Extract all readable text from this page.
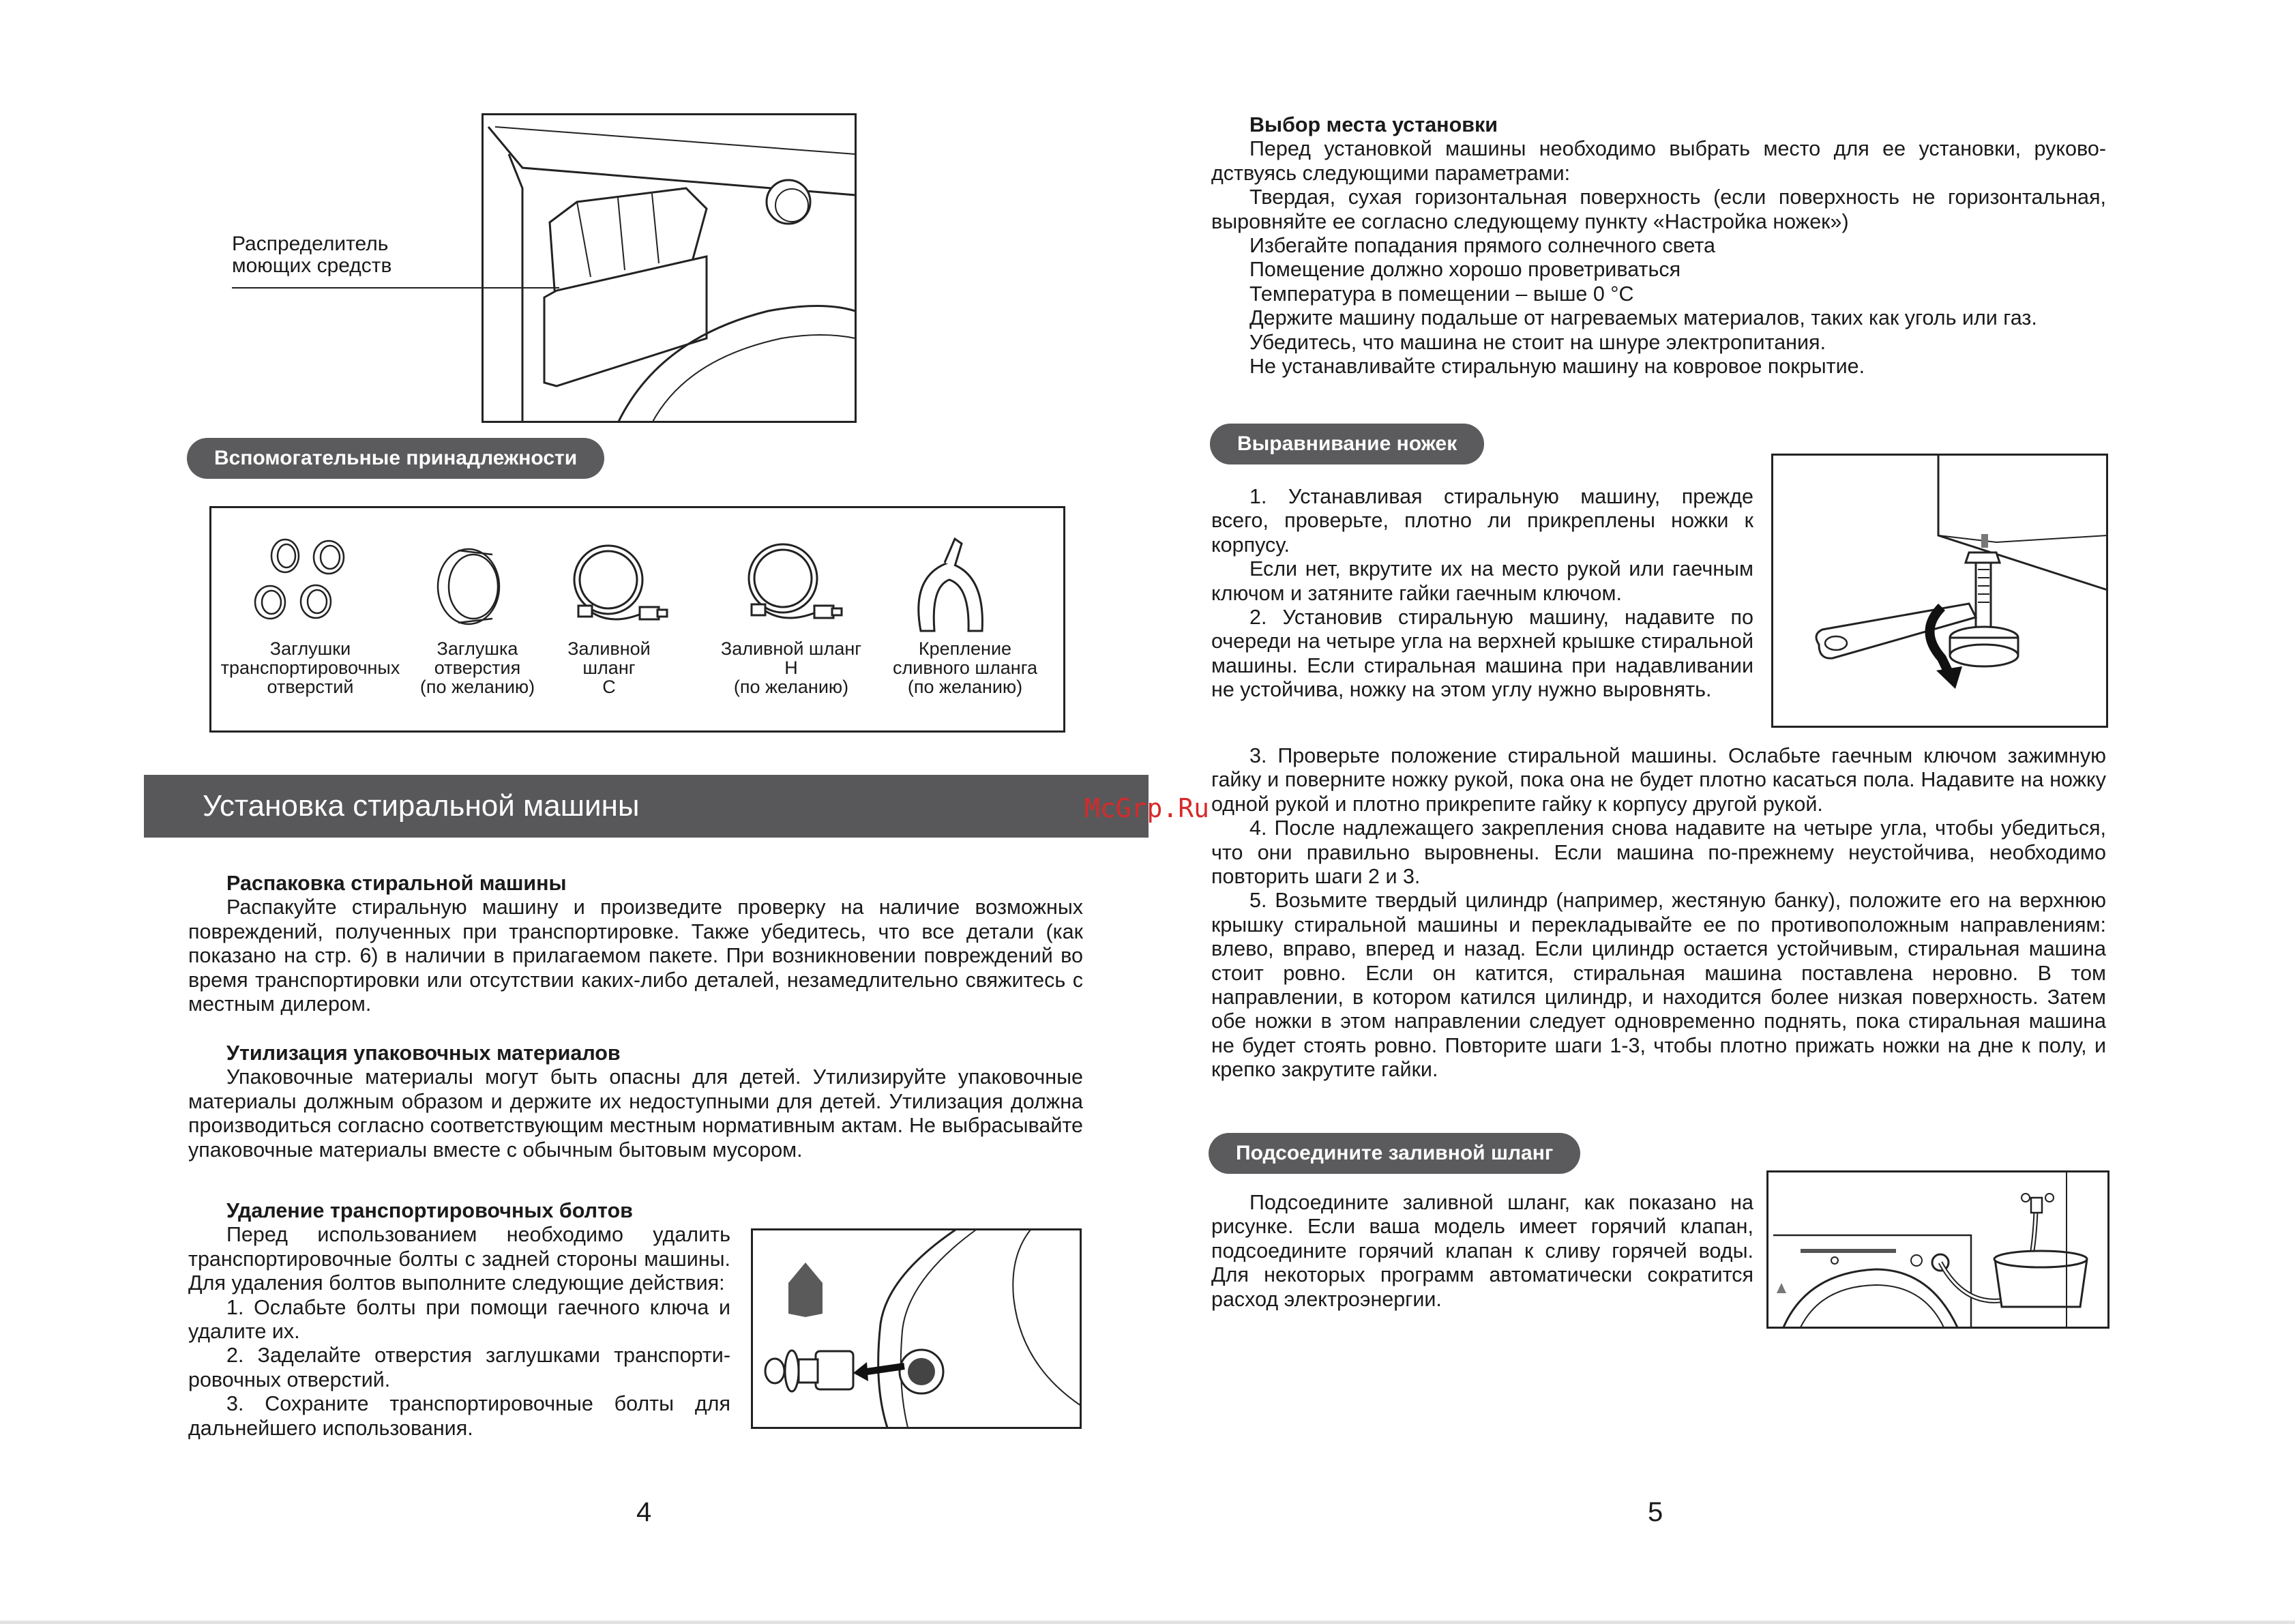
Распределитель
моющих средств
Вспомогательные принадлежности
Заглушки
транспортировочных
отверстий
Заглушка
отверстия
(по желанию)
Заливной
шланг
C
Заливной шланг
H
(по желанию)
Крепление
сливного шланга
(по желанию)
Установка стиральной машины

Распаковка стиральной машины

Распакуйте стиральную машину и произведите проверку на наличие возможных повреждений, полученных при транспортировке. Также убедитесь, что все детали (как показано на стр. 6) в наличии в прилагаемом пакете. При возникновении повреждений во время транспортировки или отсутствии каких-либо деталей, незамедлительно свяжитесь с местным дилером.

Утилизация упаковочных материалов

Упаковочные материалы могут быть опасны для детей. Утилизируйте упаковочные материалы должным образом и держите их недоступными для детей. Утилизация должна производиться согласно соответствующим местным нормативным актам. Не выбрасывайте упаковочные материалы вместе с обычным бытовым мусором.

Удаление транспортировочных болтов

Перед использованием необходимо удалить транспортировочные болты с задней стороны машины. Для удаления болтов выполните следующие действия:

1. Ослабьте болты при помощи гаечного ключа и удалите их.

2. Заделайте отверстия заглушками транспорти-ровочных отверстий.

3. Сохраните транспортировочные болты для дальнейшего использования.

4

Выбор места установки

Перед установкой машины необходимо выбрать место для ее установки, руково-дствуясь следующими параметрами:

Твердая, сухая горизонтальная поверхность (если поверхность не горизонтальная, выровняйте ее согласно следующему пункту «Настройка ножек»)

Избегайте попадания прямого солнечного света

Помещение должно хорошо проветриваться

Температура в помещении – выше 0 °C

Держите машину подальше от нагреваемых материалов, таких как уголь или газ.

Убедитесь, что машина не стоит на шнуре электропитания.

Не устанавливайте стиральную машину на ковровое покрытие.

Выравнивание ножек

1. Устанавливая стиральную машину, прежде всего, проверьте, плотно ли прикреплены ножки к корпусу.

Если нет, вкрутите их на место рукой или гаечным ключом и затяните гайки гаечным ключом.

2. Установив стиральную машину, надавите по очереди на четыре угла на верхней крышке стиральной машины. Если стиральная машина при надавливании не устойчива, ножку на этом углу нужно выровнять.

3. Проверьте положение стиральной машины. Ослабьте гаечным ключом зажимную гайку и поверните ножку рукой, пока она не будет плотно касаться пола. Надавите на ножку одной рукой и плотно прикрепите гайку к корпусу другой рукой.

4. После надлежащего закрепления снова надавите на четыре угла, чтобы убедиться, что они правильно выровнены. Если машина по-прежнему неустойчива, необходимо повторить шаги 2 и 3.

5. Возьмите твердый цилиндр (например, жестяную банку), положите его на верхнюю крышку стиральной машины и перекладывайте ее по противоположным направлениям: влево, вправо, вперед и назад. Если цилиндр остается устойчивым, стиральная машина стоит ровно. Если он катится, стиральная машина поставлена неровно. В том направлении, в котором катился цилиндр, и находится более низкая поверхность. Затем обе ножки в этом направлении следует одновременно поднять, пока стиральная машина не будет стоять ровно. Повторите шаги 1-3, чтобы плотно прижать ножки на дне к полу, и крепко закрутите гайки.

Подсоедините заливной шланг

Подсоедините заливной шланг, как показано на рисунке. Если ваша модель имеет горячий клапан, подсоедините горячий клапан к сливу горячей воды. Для некоторых программ автоматически сократится расход электроэнергии.

5
McGrp.Ru
